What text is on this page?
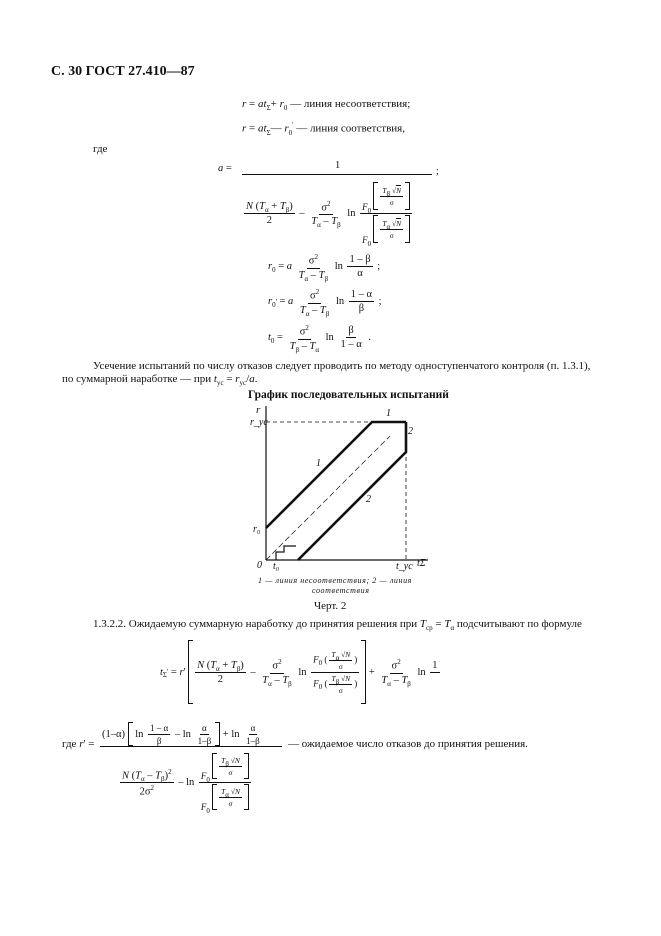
С. 30 ГОСТ 27.410—87
$r = at_\Sigma+ r_0$ — линия несоответствия;
$r = at_\Sigma—$ $r_0'$ — линия соответствия,
где
a =	1
;
$\frac{N (T_\alpha + T_\beta)}{2} - \frac{\sigma^2}{T_\alpha - T_\beta}$ $\ln F_0$
$\frac{T\beta √N}{\sigma}$
$F_0$
$\frac{T\alpha √N}{\sigma}$
r 0 = a $\frac{\sigma^2}{T_\alpha - T_\beta}$ $\ln \frac{1 - \beta}{\alpha}$ ;
r 0' = a $\frac{\sigma^2}{T_\alpha - T_\beta}$ $\ln \frac{1 - \alpha}{\beta}$ ;
t $0 = \frac{\sigma^2}{T_\beta - T_\alpha}$ $\ln \frac{\beta}{1 - \alpha}$ .
Усечение испытаний по числу отказов следует проводить по методу одноступенчатого контроля (п. 1.3.1),
по суммарной наработке — при $t_{ус} = r_{ус}/a$.
График последовательных испытаний
r
r_ус
r₀
0 t₀	t_ус tΣ
1
2
1
2
1 — линия несоответствия; 2 — линия
соответствия
Черт. 2
1.3.2.2. Ожидаемую суммарную наработку до принятия решения при $T_{ср} = T_\alpha$ подсчитывают по формуле
t Σ' = r ' $\frac{N (T_\alpha + T_\beta)}{2} - \frac{\sigma^2}{T_\alpha - T_\beta}$ $\ln \frac{F_0 ( \frac{T\alpha √N}{\sigma} )}{F_0 ( \frac{T\beta √N}{\sigma} )} + \frac{\sigma^2}{T_\alpha - T_\beta}$ ln
1

где r' =
(1–α) $\ln \frac{1 - \alpha}{\beta} - \ln \frac{\alpha}{1-\beta} + \ln \frac{\alpha}{1-\beta}$
$\frac{N (T_\alpha - T_\beta)^2}{2\sigma^2}$ – $\ln F_0$
$\frac{T\beta √N}{\sigma}$
$F_0$
$\frac{T\alpha √N}{\sigma}$
— ожидаемое число отказов до принятия решения.
